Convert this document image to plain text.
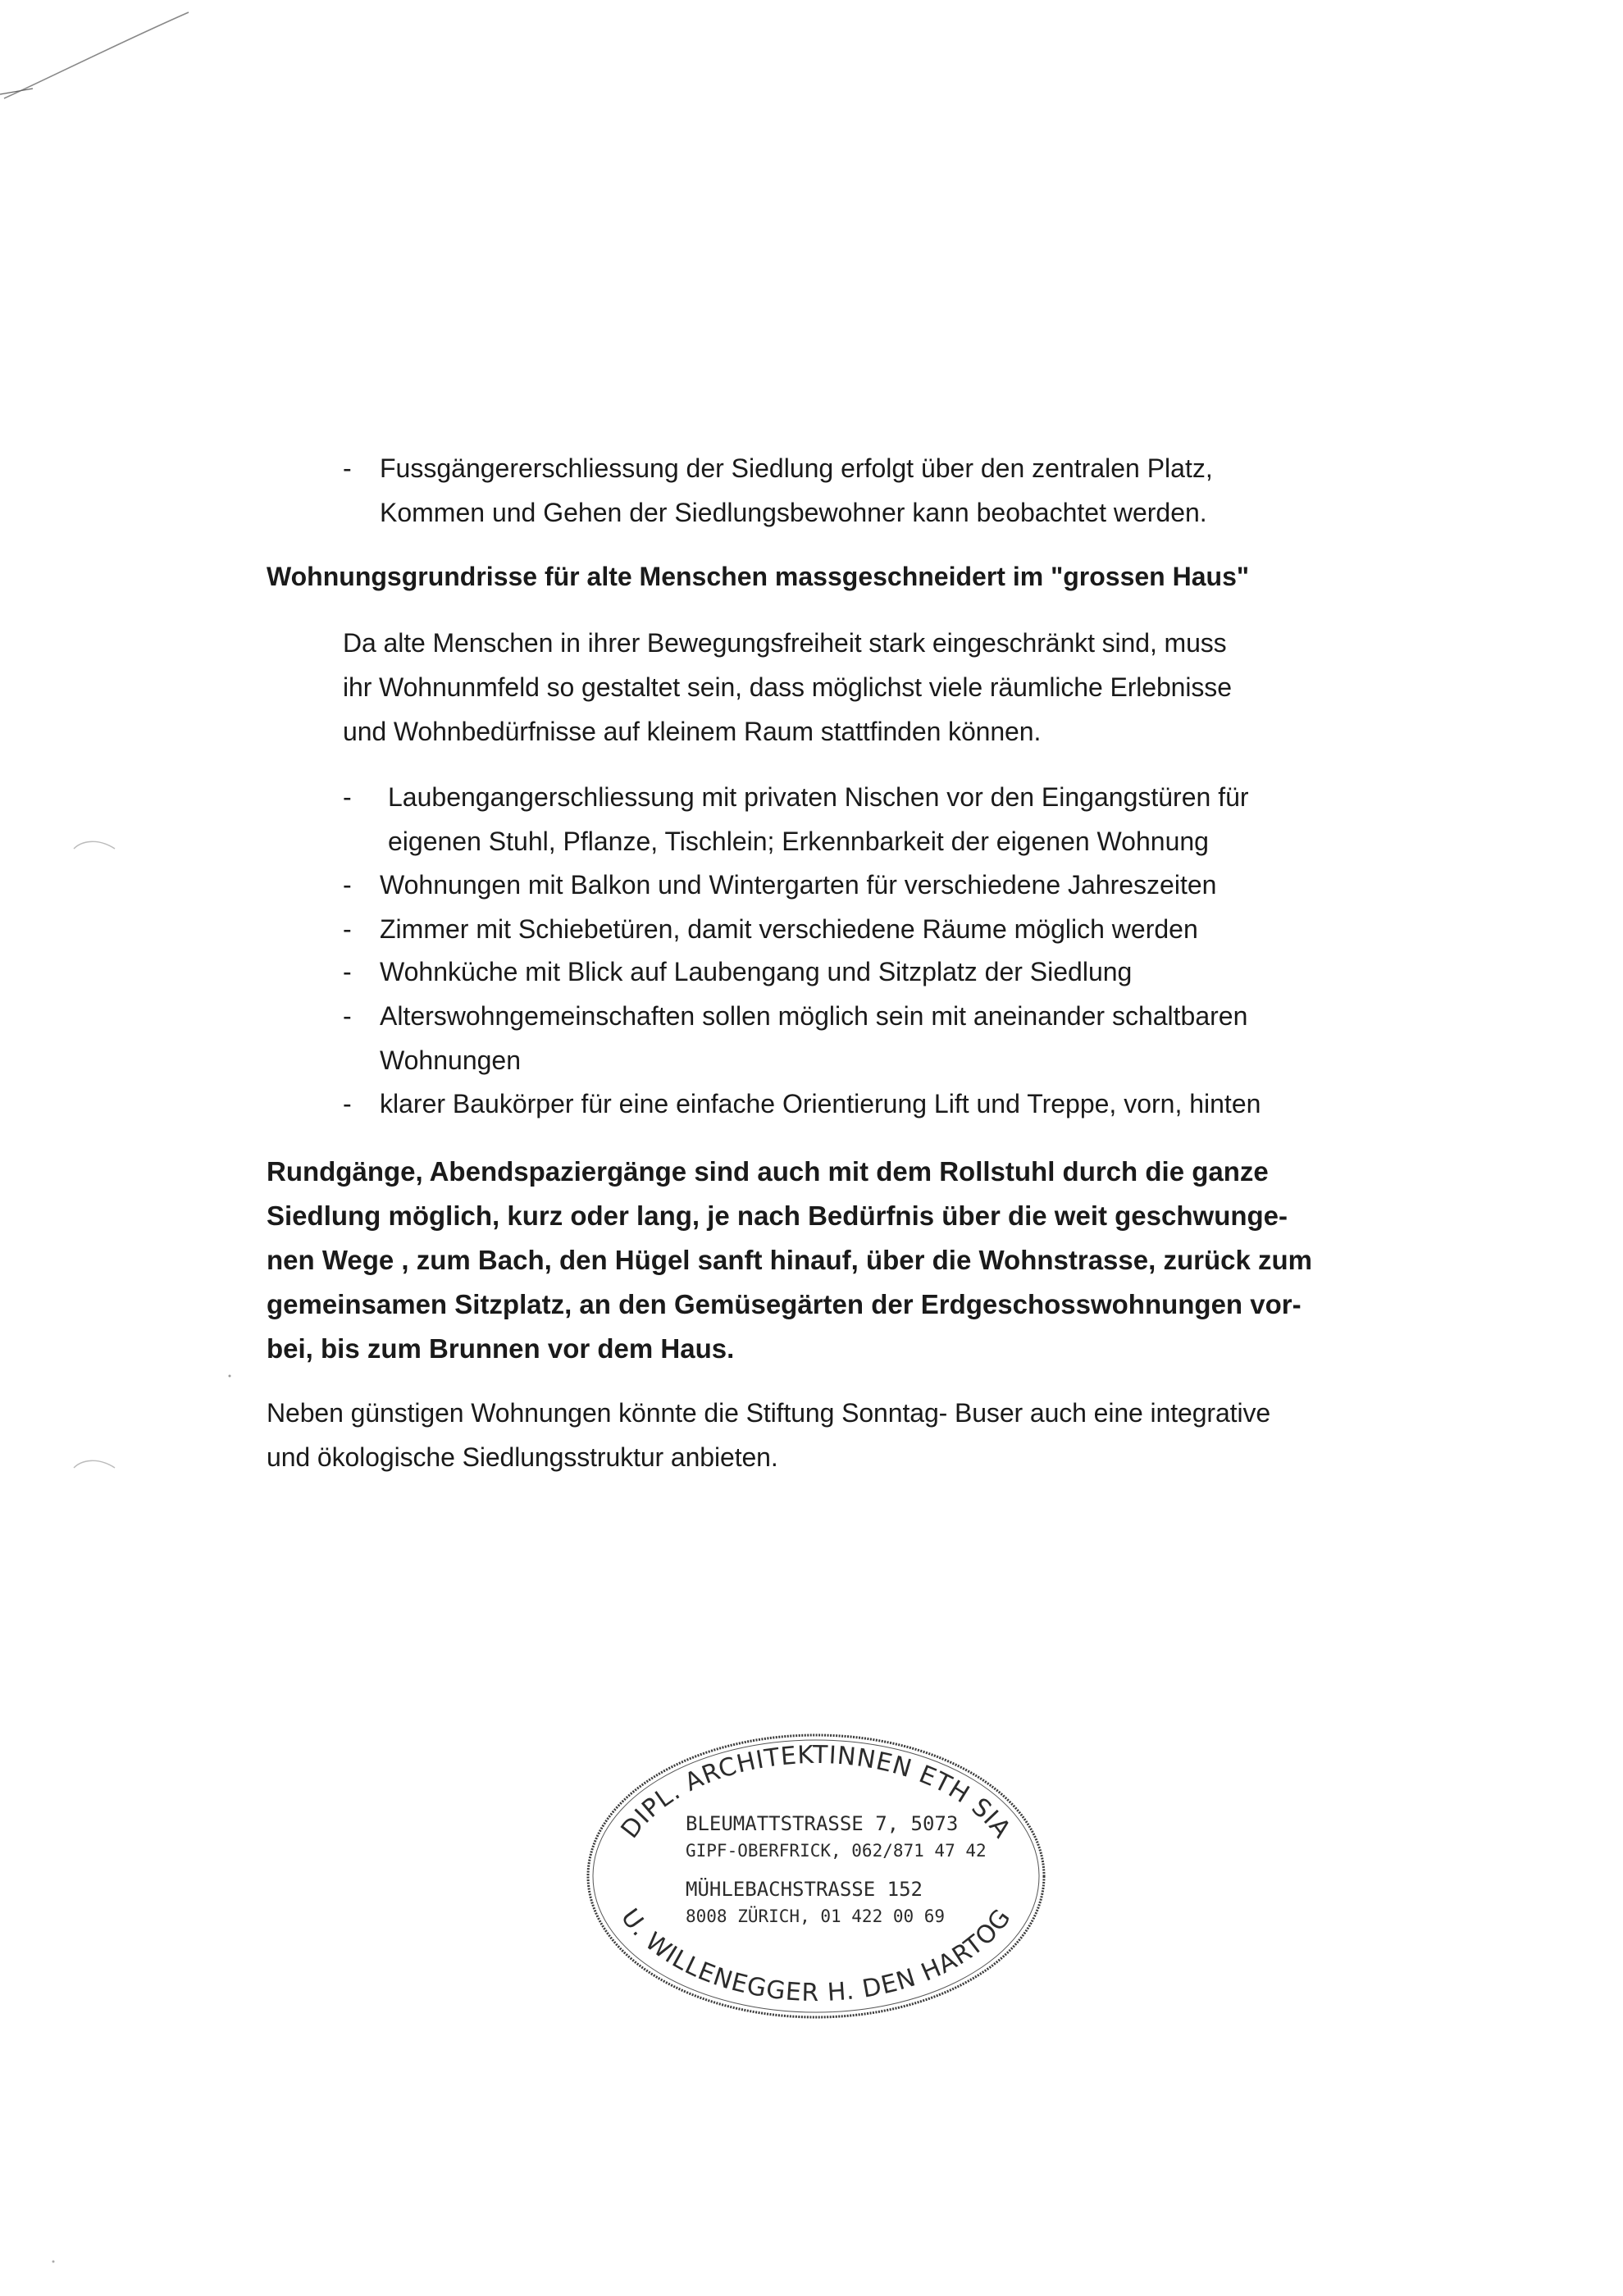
- Fussgängererschliessung der Siedlung erfolgt über den zentralen Platz,
Kommen und Gehen der Siedlungsbewohner kann beobachtet werden.
Wohnungsgrundrisse für alte Menschen massgeschneidert im "grossen Haus"
Da alte Menschen in ihrer Bewegungsfreiheit stark eingeschränkt sind, muss
ihr Wohnunmfeld so gestaltet sein, dass möglichst viele räumliche Erlebnisse
und Wohnbedürfnisse auf kleinem Raum stattfinden können.
- Laubengangerschliessung mit privaten Nischen vor den Eingangstüren für
eigenen Stuhl, Pflanze, Tischlein; Erkennbarkeit der eigenen Wohnung
- Wohnungen mit Balkon und Wintergarten für verschiedene Jahreszeiten
- Zimmer mit Schiebetüren, damit verschiedene Räume möglich werden
- Wohnküche mit Blick auf Laubengang und Sitzplatz der Siedlung
- Alterswohngemeinschaften sollen möglich sein mit aneinander schaltbaren
Wohnungen
- klarer Baukörper für eine einfache Orientierung Lift und Treppe, vorn, hinten
Rundgänge, Abendspaziergänge sind auch mit dem Rollstuhl durch die ganze
Siedlung möglich, kurz oder lang, je nach Bedürfnis über die weit geschwunge-
nen Wege , zum Bach, den Hügel sanft hinauf, über die Wohnstrasse, zurück zum
gemeinsamen Sitzplatz, an den Gemüsegärten der Erdgeschosswohnungen vor-
bei, bis zum Brunnen vor dem Haus.
Neben günstigen Wohnungen könnte die Stiftung Sonntag- Buser auch eine integrative
und ökologische Siedlungsstruktur anbieten.
DIPL. ARCHITEKTINNEN ETH SIA
U. WILLENEGGER H. DEN HARTOG
BLEUMATTSTRASSE 7, 5073
GIPF-OBERFRICK, 062/871 47 42
MÜHLEBACHSTRASSE 152
8008 ZÜRICH, 01 422 00 69
